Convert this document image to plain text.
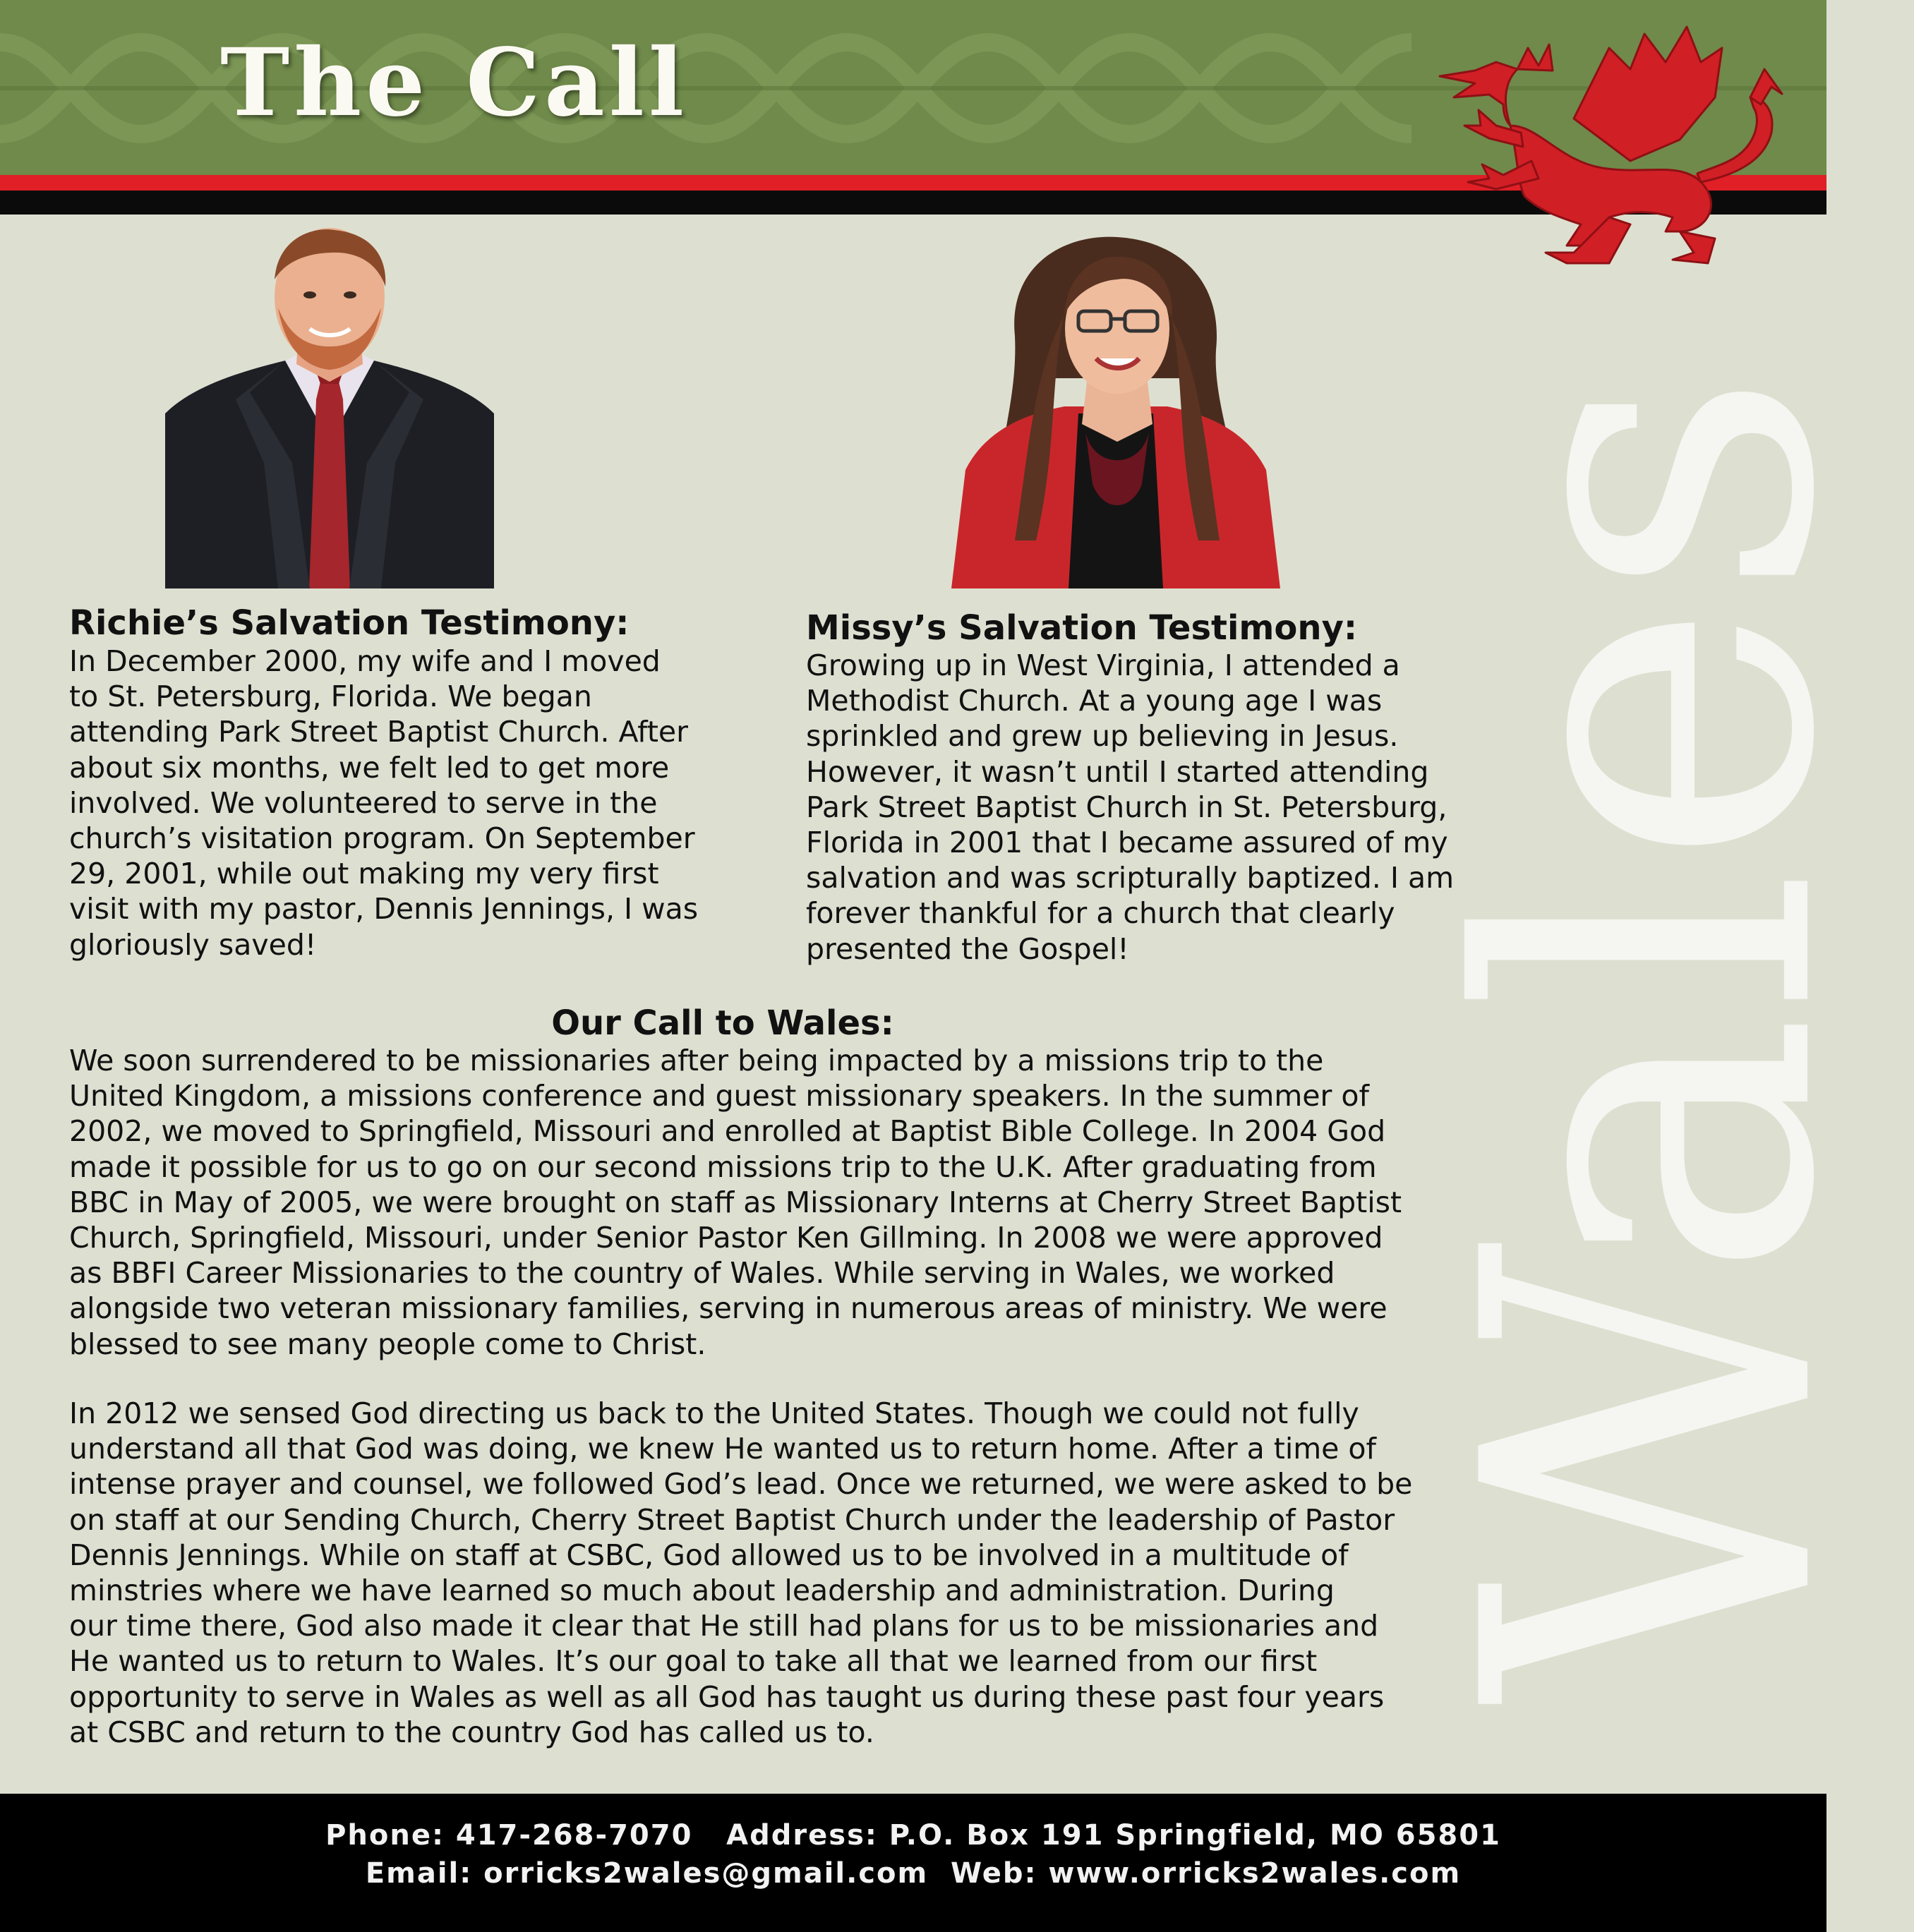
The Call
Wales
Richie’s Salvation Testimony:

In December 2000, my wife and I moved
to St. Petersburg, Florida. We began
attending Park Street Baptist Church. After
about six months, we felt led to get more
involved. We volunteered to serve in the
church’s visitation program. On September
29, 2001, while out making my very first
visit with my pastor, Dennis Jennings, I was
gloriously saved!

Missy’s Salvation Testimony:

Growing up in West Virginia, I attended a
Methodist Church. At a young age I was
sprinkled and grew up believing in Jesus.
However, it wasn’t until I started attending
Park Street Baptist Church in St. Petersburg,
Florida in 2001 that I became assured of my
salvation and was scripturally baptized. I am
forever thankful for a church that clearly
presented the Gospel!

Our Call to Wales:

We soon surrendered to be missionaries after being impacted by a missions trip to the
United Kingdom, a missions conference and guest missionary speakers. In the summer of
2002, we moved to Springfield, Missouri and enrolled at Baptist Bible College. In 2004 God
made it possible for us to go on our second missions trip to the U.K. After graduating from
BBC in May of 2005, we were brought on staff as Missionary Interns at Cherry Street Baptist
Church, Springfield, Missouri, under Senior Pastor Ken Gillming. In 2008 we were approved
as BBFI Career Missionaries to the country of Wales. While serving in Wales, we worked
alongside two veteran missionary families, serving in numerous areas of ministry. We were
blessed to see many people come to Christ.

In 2012 we sensed God directing us back to the United States. Though we could not fully
understand all that God was doing, we knew He wanted us to return home. After a time of
intense prayer and counsel, we followed God’s lead. Once we returned, we were asked to be
on staff at our Sending Church, Cherry Street Baptist Church under the leadership of Pastor
Dennis Jennings. While on staff at CSBC, God allowed us to be involved in a multitude of
minstries where we have learned so much about leadership and administration. During
our time there, God also made it clear that He still had plans for us to be missionaries and
He wanted us to return to Wales. It’s our goal to take all that we learned from our first
opportunity to serve in Wales as well as all God has taught us during these past four years
at CSBC and return to the country God has called us to.

Phone: 417-268-7070   Address: P.O. Box 191 Springfield, MO 65801
Email: orricks2wales@gmail.com  Web: www.orricks2wales.com
